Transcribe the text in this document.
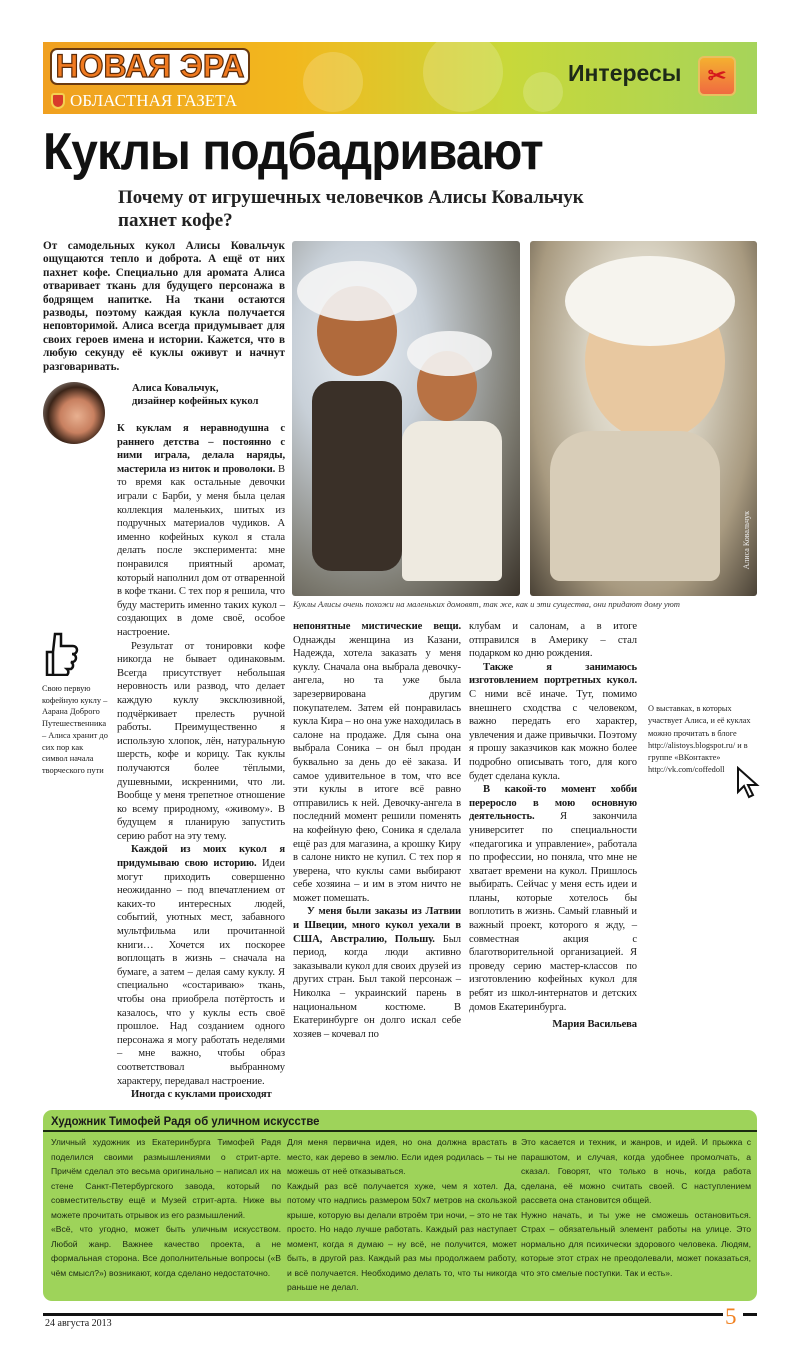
НОВАЯ ЭРА
ОБЛАСТНАЯ ГАЗЕТА
Интересы	✂
Куклы подбадривают
Почему от игрушечных человечков Алисы Ковальчук пахнет кофе?
От самодельных кукол Алисы Ковальчук ощущаются тепло и доброта. А ещё от них пахнет кофе. Специально для аромата Алиса отваривает ткань для будущего персонажа в бодрящем напитке. На ткани остаются разводы, поэтому каждая кукла получается неповторимой. Алиса всегда придумывает для своих героев имена и истории. Кажется, что в любую секунду её куклы оживут и начнут разговаривать.
Алиса Ковальчук,
дизайнер кофейных кукол

К куклам я неравнодушна с раннего детства – постоянно с ними играла, делала наряды, мастерила из ниток и проволоки. В то время как остальные девочки играли с Барби, у меня была целая коллекция маленьких, шитых из подручных материалов чудиков. А именно кофейных кукол я стала делать после эксперимента: мне понравился приятный аромат, который наполнил дом от отваренной в кофе ткани. С тех пор я решила, что буду мастерить именно таких кукол – создающих в доме своё, особое настроение.

Результат от тонировки кофе никогда не бывает одинаковым. Всегда присутствует небольшая неровность или развод, что делает каждую куклу эксклюзивной, подчёркивает прелесть ручной работы. Преимущественно я использую хлопок, лён, натуральную шерсть, кофе и корицу. Так куклы получаются более тёплыми, душевными, искренними, что ли. Вообще у меня трепетное отношение ко всему природному, «живому». В будущем я планирую запустить серию работ на эту тему.

Каждой из моих кукол я придумываю свою историю. Идеи могут приходить совершенно неожиданно – под впечатлением от каких-то интересных людей, событий, уютных мест, забавного мультфильма или прочитанной книги… Хочется их поскорее воплощать в жизнь – сначала на бумаге, а затем – делая саму куклу. Я специально «состариваю» ткань, чтобы она приобрела потёртость и казалось, что у куклы есть своё прошлое. Над созданием одного персонажа я могу работать неделями – мне важно, чтобы образ соответствовал выбранному характеру, передавал настроение.

Иногда с куклами происходят

Алиса Ковальчук
Куклы Алисы очень похожи на маленьких домовят, так же, как и эти существа, они придают дому уют

непонятные мистические вещи. Однажды женщина из Казани, Надежда, хотела заказать у меня куклу. Сначала она выбрала девочку-ангела, но та уже была зарезервирована другим покупателем. Затем ей понравилась кукла Кира – но она уже находилась в салоне на продаже. Для сына она выбрала Соника – он был продан буквально за день до её заказа. И самое удивительное в том, что все эти куклы в итоге всё равно отправились к ней. Девочку-ангела в последний момент решили поменять на кофейную фею, Соника я сделала ещё раз для магазина, а крошку Киру в салоне никто не купил. С тех пор я уверена, что куклы сами выбирают себе хозяина – и им в этом ничто не может помешать.

У меня были заказы из Латвии и Швеции, много кукол уехали в США, Австралию, Польшу. Был период, когда люди активно заказывали кукол для своих друзей из других стран. Был такой персонаж – Николка – украинский парень в национальном костюме. В Екатеринбурге он долго искал себе хозяев – кочевал по

клубам и салонам, а в итоге отправился в Америку – стал подарком ко дню рождения.

Также я занимаюсь изготовлением портретных кукол. С ними всё иначе. Тут, помимо внешнего сходства с человеком, важно передать его характер, увлечения и даже привычки. Поэтому я прошу заказчиков как можно более подробно описывать того, для кого будет сделана кукла.

В какой-то момент хобби переросло в мою основную деятельность. Я закончила университет по специальности «педагогика и управление», работала по профессии, но поняла, что мне не хватает времени на кукол. Пришлось выбирать. Сейчас у меня есть идеи и планы, которые хотелось бы воплотить в жизнь. Самый главный и важный проект, которого я жду, – совместная акция с благотворительной организацией. Я проведу серию мастер-классов по изготовлению кофейных кукол для ребят из школ-интернатов и детских домов Екатеринбурга.

Мария Васильева
Свою первую кофейную куклу – Аарана Доброго Путешественника – Алиса хранит до сих пор как символ начала творческого пути
О выставках, в которых участвует Алиса, и её куклах можно прочитать в блоге http://alistoys.blogspot.ru/ и в группе «ВКонтакте» http://vk.com/coffedoll
Художник Тимофей Радя об уличном искусстве

Уличный художник из Екатеринбурга Тимофей Радя поделился своими размышлениями о стрит-арте. Причём сделал это весьма оригинально – написал их на стене Санкт-Петербургского завода, который по совместительству ещё и Музей стрит-арта. Ниже вы можете прочитать отрывок из его размышлений.

«Всё, что угодно, может быть уличным искусством. Любой жанр. Важнее качество проекта, а не формальная сторона. Все дополнительные вопросы («В чём смысл?») возникают, когда сделано недостаточно.

Для меня первична идея, но она должна врастать в место, как дерево в землю. Если идея родилась – ты не можешь от неё отказываться.

Каждый раз всё получается хуже, чем я хотел. Да, потому что надпись размером 50x7 метров на скользкой крыше, которую вы делали втроём три ночи, – это не так просто. Но надо лучше работать. Каждый раз наступает момент, когда я думаю – ну всё, не получится, может быть, в другой раз. Каждый раз мы продолжаем работу, и всё получается. Необходимо делать то, что ты никогда раньше не делал.

Это касается и техник, и жанров, и идей. И прыжка с парашютом, и случая, когда удобнее промолчать, а сказал. Говорят, что только в ночь, когда работа сделана, её можно считать своей. С наступлением рассвета она становится общей.

Нужно начать, и ты уже не сможешь остановиться. Страх – обязательный элемент работы на улице. Это нормально для психически здорового человека. Людям, которые этот страх не преодолевали, может показаться, что это смелые поступки. Так и есть».

24 августа 2013	5
